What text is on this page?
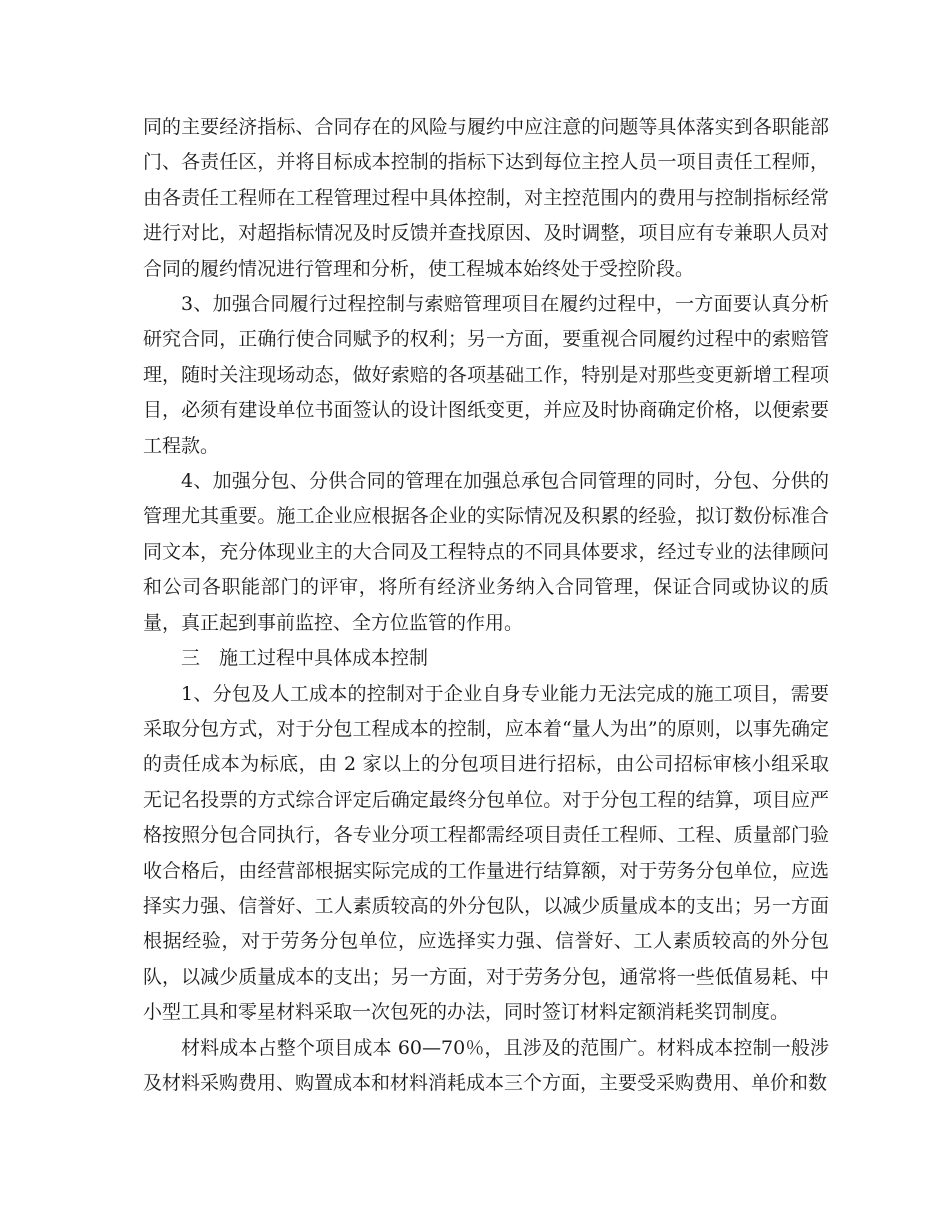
同的主要经济指标、合同存在的风险与履约中应注意的问题等具体落实到各职能部门、各责任区，并将目标成本控制的指标下达到每位主控人员一项目责任工程师，由各责任工程师在工程管理过程中具体控制，对主控范围内的费用与控制指标经常进行对比，对超指标情况及时反馈并查找原因、及时调整，项目应有专兼职人员对合同的履约情况进行管理和分析，使工程城本始终处于受控阶段。

3、加强合同履行过程控制与索赔管理项目在履约过程中，一方面要认真分析研究合同，正确行使合同赋予的权利；另一方面，要重视合同履约过程中的索赔管理，随时关注现场动态，做好索赔的各项基础工作，特别是对那些变更新增工程项目，必须有建设单位书面签认的设计图纸变更，并应及时协商确定价格，以便索要工程款。

4、加强分包、分供合同的管理在加强总承包合同管理的同时，分包、分供的管理尤其重要。施工企业应根据各企业的实际情况及积累的经验，拟订数份标准合同文本，充分体现业主的大合同及工程特点的不同具体要求，经过专业的法律顾问和公司各职能部门的评审，将所有经济业务纳入合同管理，保证合同或协议的质量，真正起到事前监控、全方位监管的作用。

三　施工过程中具体成本控制

1、分包及人工成本的控制对于企业自身专业能力无法完成的施工项目，需要采取分包方式，对于分包工程成本的控制，应本着“量人为出”的原则，以事先确定的责任成本为标底，由 2 家以上的分包项目进行招标，由公司招标审核小组采取无记名投票的方式综合评定后确定最终分包单位。对于分包工程的结算，项目应严格按照分包合同执行，各专业分项工程都需经项目责任工程师、工程、质量部门验收合格后，由经营部根据实际完成的工作量进行结算额，对于劳务分包单位，应选择实力强、信誉好、工人素质较高的外分包队，以减少质量成本的支出；另一方面根据经验，对于劳务分包单位，应选择实力强、信誉好、工人素质较高的外分包队，以减少质量成本的支出；另一方面，对于劳务分包，通常将一些低值易耗、中小型工具和零星材料采取一次包死的办法，同时签订材料定额消耗奖罚制度。

材料成本占整个项目成本 60—70％，且涉及的范围广。材料成本控制一般涉及材料采购费用、购置成本和材料消耗成本三个方面，主要受采购费用、单价和数
